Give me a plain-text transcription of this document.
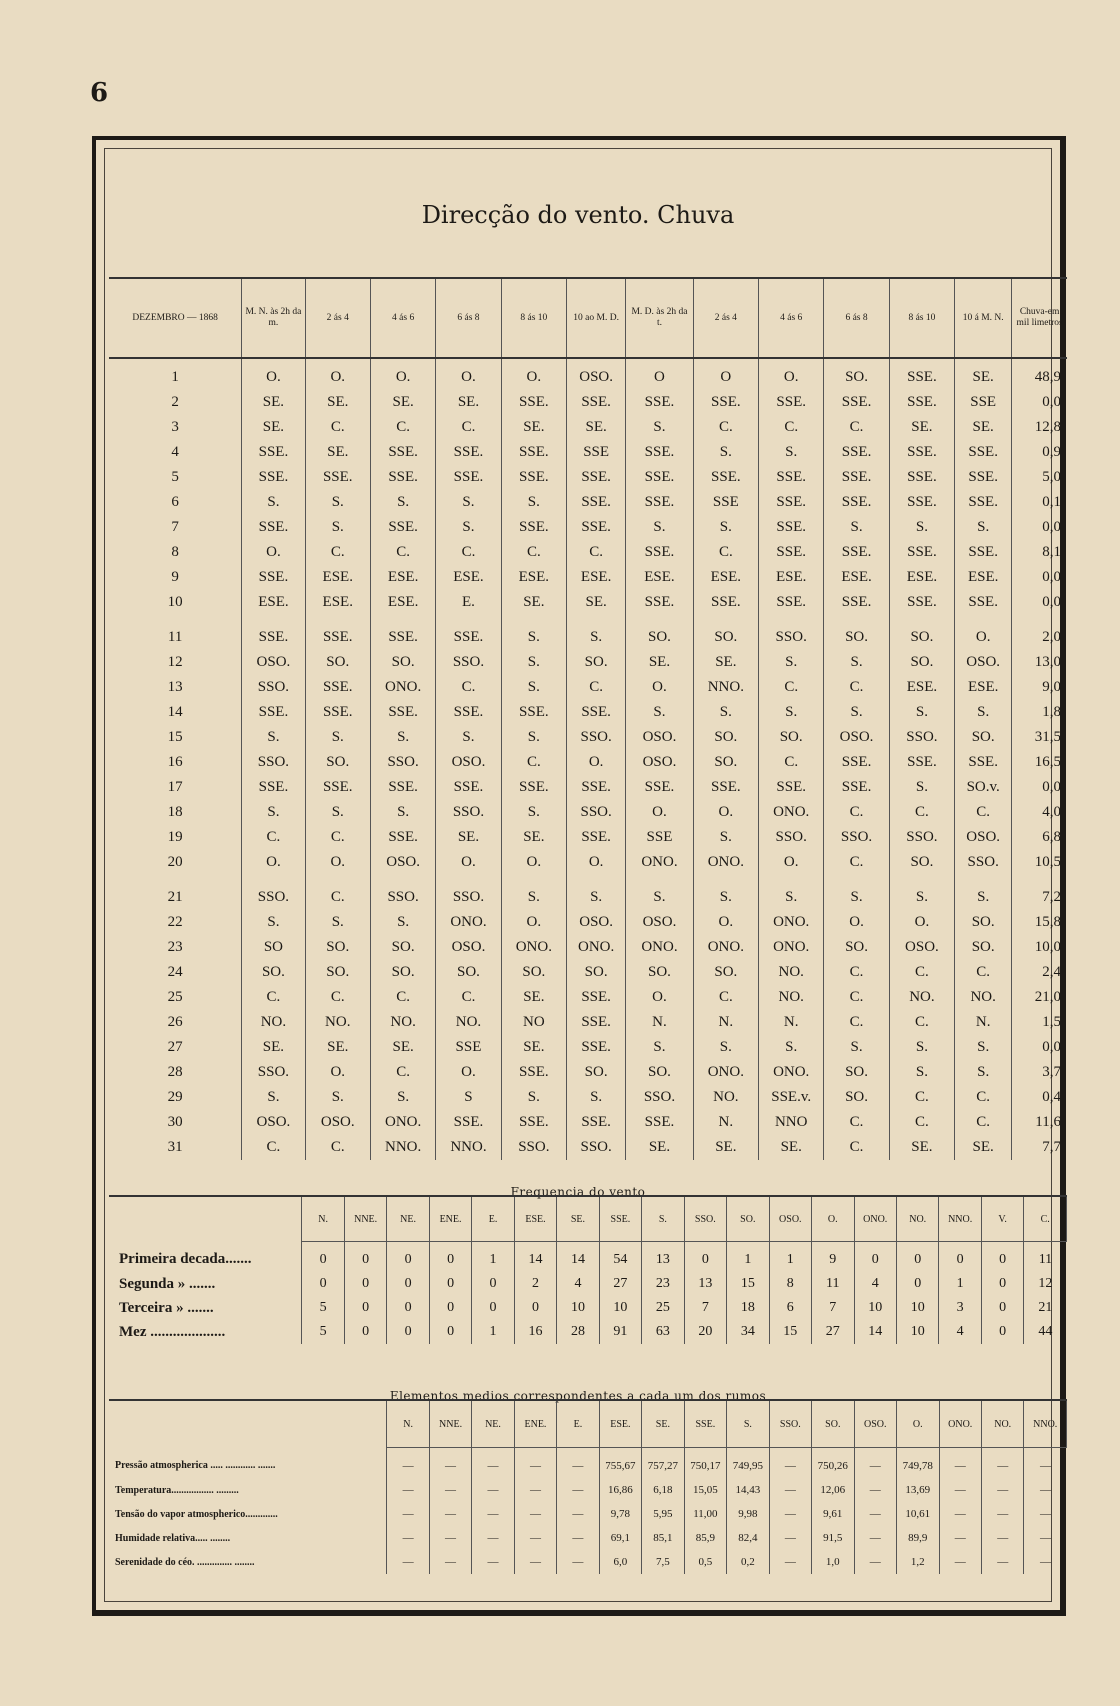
6
Direcção do vento. Chuva
DEZEMBRO — 1868	M. N. às 2h da m.	2 ás 4	4 ás 6	6 ás 8	8 ás 10	10 ao M. D.	M. D. às 2h da t.	2 ás 4	4 ás 6	6 ás 8	8 ás 10	10 á M. N.	Chuva-em mil limetros
1	O.	O.	O.	O.	O.	OSO.	O	O	O.	SO.	SSE.	SE.	48,9
2	SE.	SE.	SE.	SE.	SSE.	SSE.	SSE.	SSE.	SSE.	SSE.	SSE.	SSE	0,0
3	SE.	C.	C.	C.	SE.	SE.	S.	C.	C.	C.	SE.	SE.	12,8
4	SSE.	SE.	SSE.	SSE.	SSE.	SSE	SSE.	S.	S.	SSE.	SSE.	SSE.	0,9
5	SSE.	SSE.	SSE.	SSE.	SSE.	SSE.	SSE.	SSE.	SSE.	SSE.	SSE.	SSE.	5,0
6	S.	S.	S.	S.	S.	SSE.	SSE.	SSE	SSE.	SSE.	SSE.	SSE.	0,1
7	SSE.	S.	SSE.	S.	SSE.	SSE.	S.	S.	SSE.	S.	S.	S.	0,0
8	O.	C.	C.	C.	C.	C.	SSE.	C.	SSE.	SSE.	SSE.	SSE.	8,1
9	SSE.	ESE.	ESE.	ESE.	ESE.	ESE.	ESE.	ESE.	ESE.	ESE.	ESE.	ESE.	0,0
10	ESE.	ESE.	ESE.	E.	SE.	SE.	SSE.	SSE.	SSE.	SSE.	SSE.	SSE.	0,0
11	SSE.	SSE.	SSE.	SSE.	S.	S.	SO.	SO.	SSO.	SO.	SO.	O.	2,0
12	OSO.	SO.	SO.	SSO.	S.	SO.	SE.	SE.	S.	S.	SO.	OSO.	13,0
13	SSO.	SSE.	ONO.	C.	S.	C.	O.	NNO.	C.	C.	ESE.	ESE.	9,0
14	SSE.	SSE.	SSE.	SSE.	SSE.	SSE.	S.	S.	S.	S.	S.	S.	1,8
15	S.	S.	S.	S.	S.	SSO.	OSO.	SO.	SO.	OSO.	SSO.	SO.	31,5
16	SSO.	SO.	SSO.	OSO.	C.	O.	OSO.	SO.	C.	SSE.	SSE.	SSE.	16,5
17	SSE.	SSE.	SSE.	SSE.	SSE.	SSE.	SSE.	SSE.	SSE.	SSE.	S.	SO.v.	0,0
18	S.	S.	S.	SSO.	S.	SSO.	O.	O.	ONO.	C.	C.	C.	4,0
19	C.	C.	SSE.	SE.	SE.	SSE.	SSE	S.	SSO.	SSO.	SSO.	OSO.	6,8
20	O.	O.	OSO.	O.	O.	O.	ONO.	ONO.	O.	C.	SO.	SSO.	10,5
21	SSO.	C.	SSO.	SSO.	S.	S.	S.	S.	S.	S.	S.	S.	7,2
22	S.	S.	S.	ONO.	O.	OSO.	OSO.	O.	ONO.	O.	O.	SO.	15,8
23	SO	SO.	SO.	OSO.	ONO.	ONO.	ONO.	ONO.	ONO.	SO.	OSO.	SO.	10,0
24	SO.	SO.	SO.	SO.	SO.	SO.	SO.	SO.	NO.	C.	C.	C.	2,4
25	C.	C.	C.	C.	SE.	SSE.	O.	C.	NO.	C.	NO.	NO.	21,0
26	NO.	NO.	NO.	NO.	NO	SSE.	N.	N.	N.	C.	C.	N.	1,5
27	SE.	SE.	SE.	SSE	SE.	SSE.	S.	S.	S.	S.	S.	S.	0,0
28	SSO.	O.	C.	O.	SSE.	SO.	SO.	ONO.	ONO.	SO.	S.	S.	3,7
29	S.	S.	S.	S	S.	S.	SSO.	NO.	SSE.v.	SO.	C.	C.	0,4
30	OSO.	OSO.	ONO.	SSE.	SSE.	SSE.	SSE.	N.	NNO	C.	C.	C.	11,6
31	C.	C.	NNO.	NNO.	SSO.	SSO.	SE.	SE.	SE.	C.	SE.	SE.	7,7
Frequencia do vento
	N.	NNE.	NE.	ENE.	E.	ESE.	SE.	SSE.	S.	SSO.	SO.	OSO.	O.	ONO.	NO.	NNO.	V.	C.
Primeira decada.......	0	0	0	0	1	14	14	54	13	0	1	1	9	0	0	0	0	11
Segunda » .......	0	0	0	0	0	2	4	27	23	13	15	8	11	4	0	1	0	12
Terceira » .......	5	0	0	0	0	0	10	10	25	7	18	6	7	10	10	3	0	21
Mez ....................	5	0	0	0	1	16	28	91	63	20	34	15	27	14	10	4	0	44
Elementos medios correspondentes a cada um dos rumos
	N.	NNE.	NE.	ENE.	E.	ESE.	SE.	SSE.	S.	SSO.	SO.	OSO.	O.	ONO.	NO.	NNO.
Pressão atmospherica ..... ............ .......	—	—	—	—	—	755,67	757,27	750,17	749,95	—	750,26	—	749,78	—	—	—
Temperatura................. .........	—	—	—	—	—	16,86	6,18	15,05	14,43	—	12,06	—	13,69	—	—	—
Tensão do vapor atmospherico.............	—	—	—	—	—	9,78	5,95	11,00	9,98	—	9,61	—	10,61	—	—	—
Humidade relativa..... ........	—	—	—	—	—	69,1	85,1	85,9	82,4	—	91,5	—	89,9	—	—	—
Serenidade do céo. .............. ........	—	—	—	—	—	6,0	7,5	0,5	0,2	—	1,0	—	1,2	—	—	—
